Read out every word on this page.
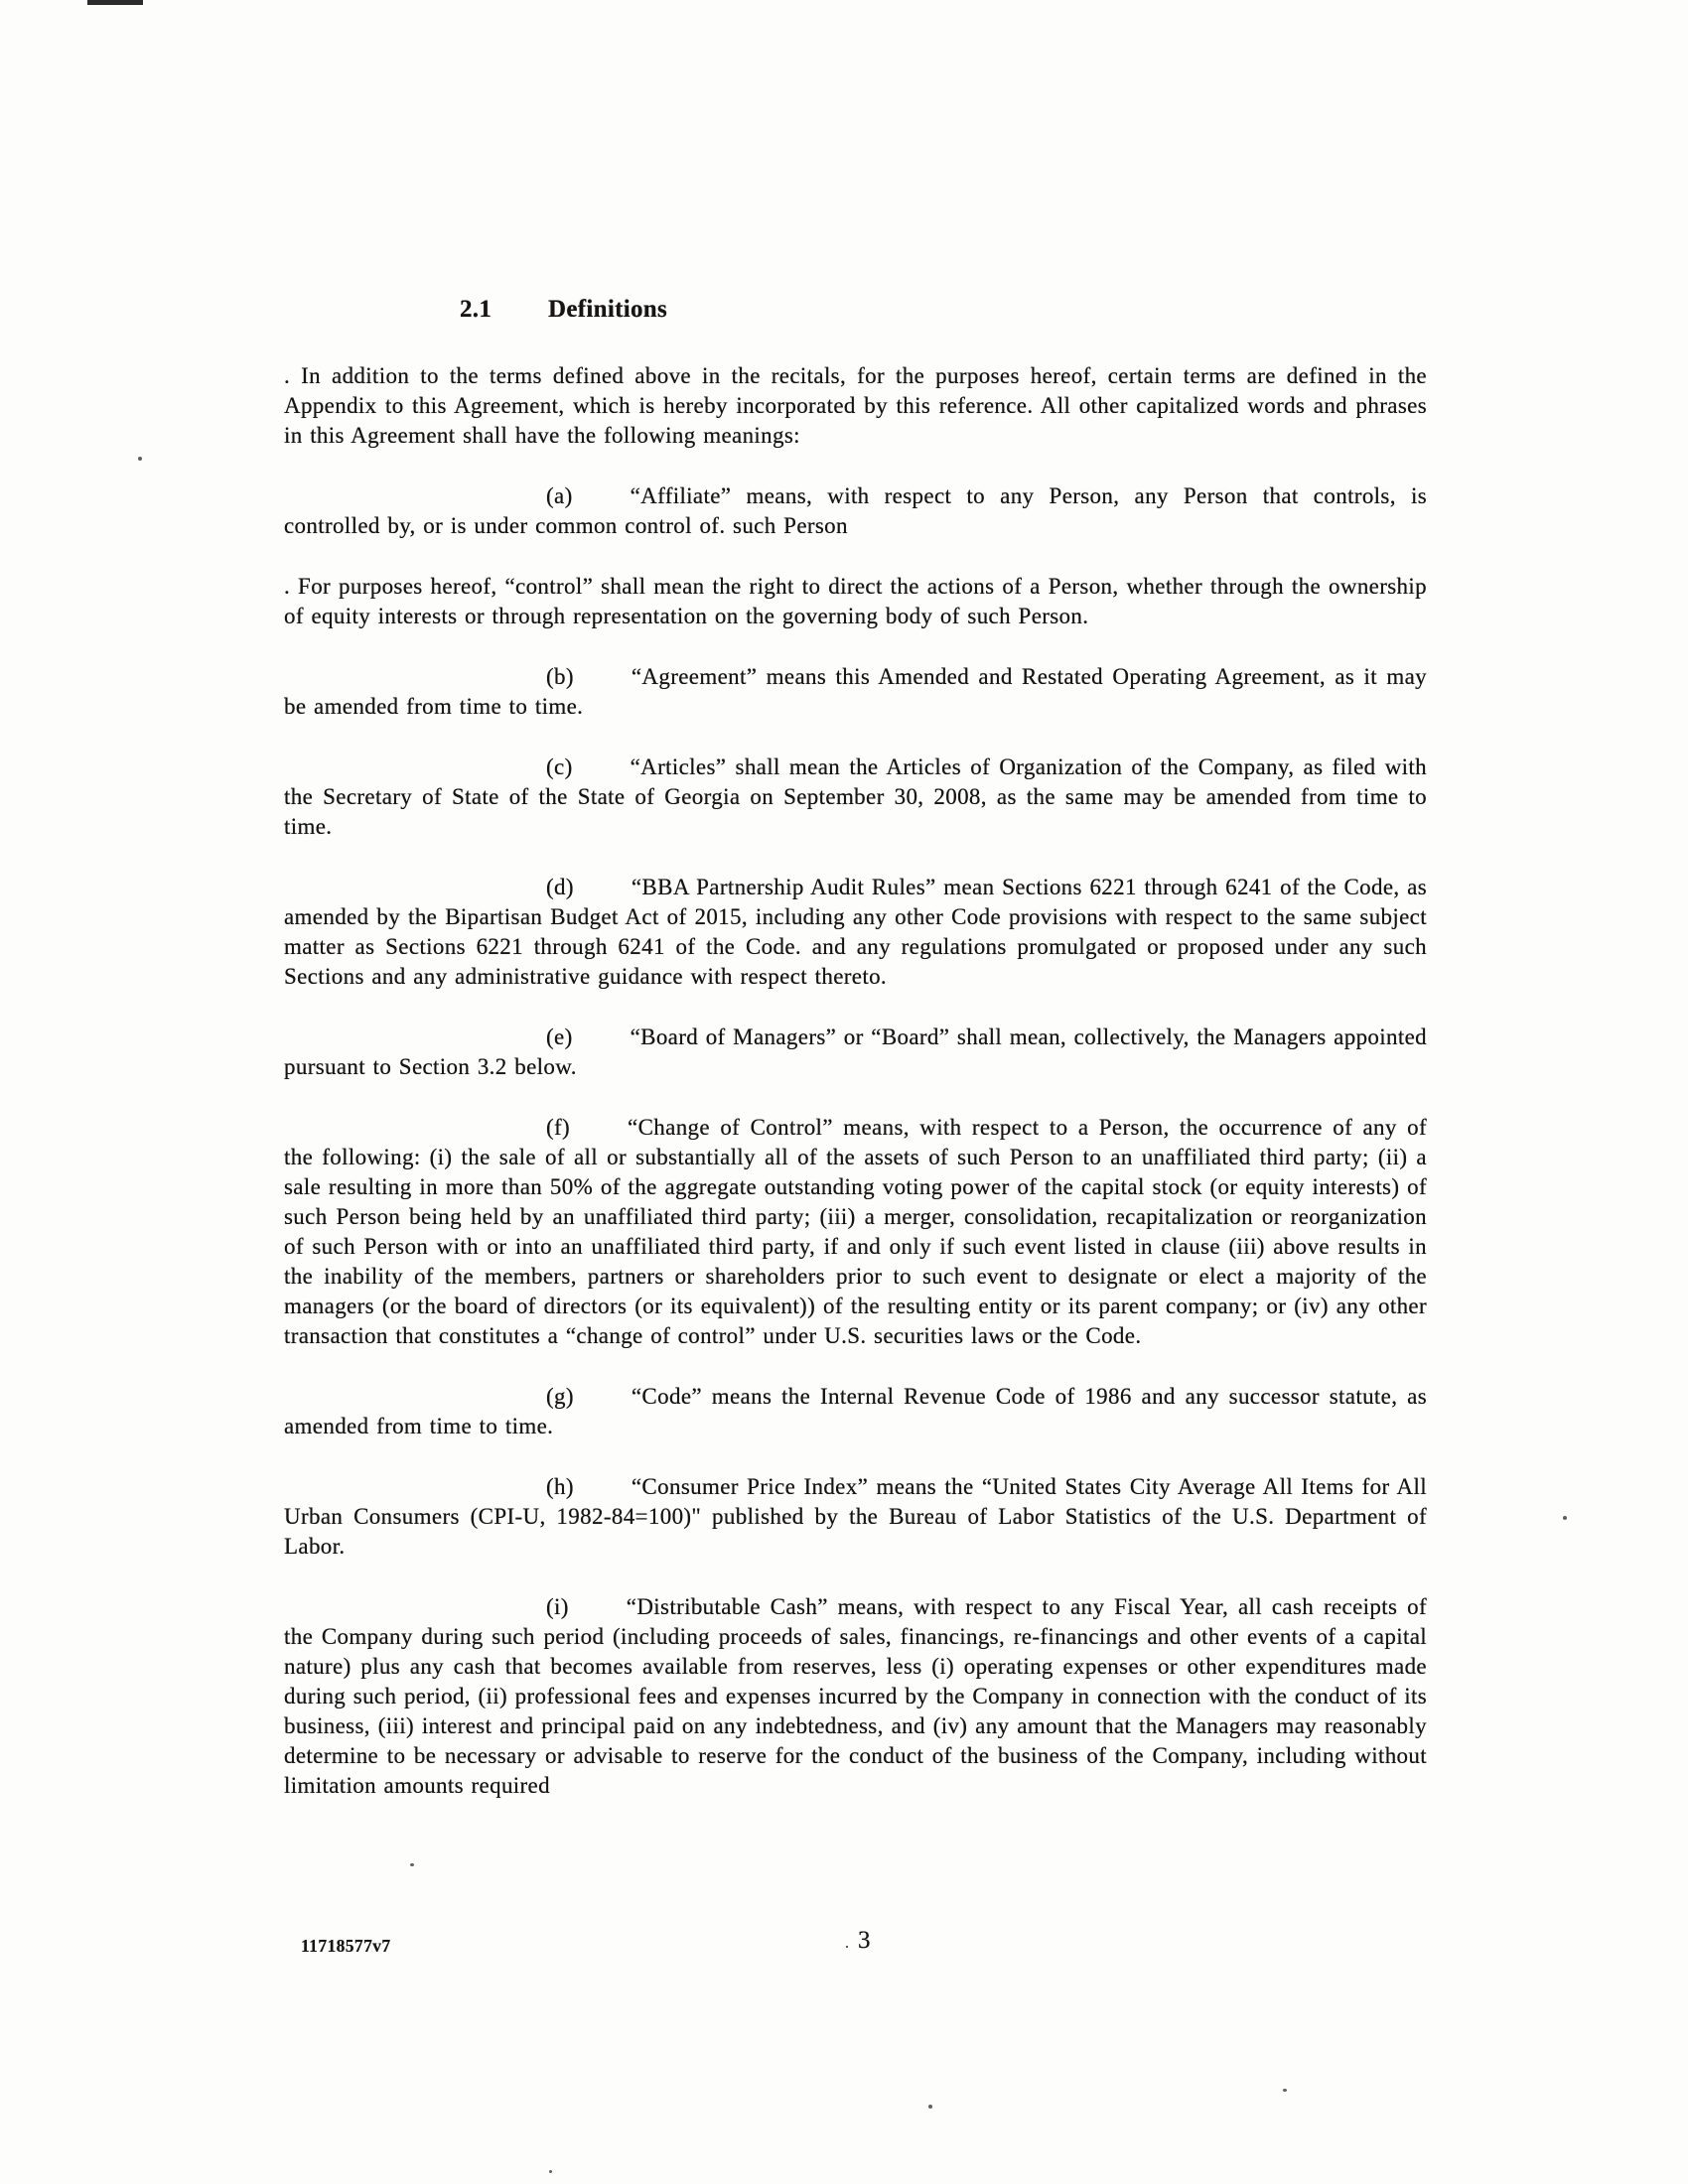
2.1 Definitions

. In addition to the terms defined above in the recitals, for the purposes hereof, certain terms are defined in the Appendix to this Agreement, which is hereby incorporated by this reference. All other capitalized words and phrases in this Agreement shall have the following meanings:

(a)	“Affiliate” means, with respect to any Person, any Person that controls, is controlled by, or is under common control of. such Person

. For purposes hereof, “control” shall mean the right to direct the actions of a Person, whether through the ownership of equity interests or through representation on the governing body of such Person.

(b)	“Agreement” means this Amended and Restated Operating Agreement, as it may be amended from time to time.

(c)	“Articles” shall mean the Articles of Organization of the Company, as filed with the Secretary of State of the State of Georgia on September 30, 2008, as the same may be amended from time to time.

(d)	“BBA Partnership Audit Rules” mean Sections 6221 through 6241 of the Code, as amended by the Bipartisan Budget Act of 2015, including any other Code provisions with respect to the same subject matter as Sections 6221 through 6241 of the Code. and any regulations promulgated or proposed under any such Sections and any administrative guidance with respect thereto.

(e)	“Board of Managers” or “Board” shall mean, collectively, the Managers appointed pursuant to Section 3.2 below.

(f)	“Change of Control” means, with respect to a Person, the occurrence of any of the following: (i) the sale of all or substantially all of the assets of such Person to an unaffiliated third party; (ii) a sale resulting in more than 50% of the aggregate outstanding voting power of the capital stock (or equity interests) of such Person being held by an unaffiliated third party; (iii) a merger, consolidation, recapitalization or reorganization of such Person with or into an unaffiliated third party, if and only if such event listed in clause (iii) above results in the inability of the members, partners or shareholders prior to such event to designate or elect a majority of the managers (or the board of directors (or its equivalent)) of the resulting entity or its parent company; or (iv) any other transaction that constitutes a “change of control” under U.S. securities laws or the Code.

(g)	“Code” means the Internal Revenue Code of 1986 and any successor statute, as amended from time to time.

(h)	“Consumer Price Index” means the “United States City Average All Items for All Urban Consumers (CPI-U, 1982-84=100)" published by the Bureau of Labor Statistics of the U.S. Department of Labor.

(i)	“Distributable Cash” means, with respect to any Fiscal Year, all cash receipts of the Company during such period (including proceeds of sales, financings, re-financings and other events of a capital nature) plus any cash that becomes available from reserves, less (i) operating expenses or other expenditures made during such period, (ii) professional fees and expenses incurred by the Company in connection with the conduct of its business, (iii) interest and principal paid on any indebtedness, and (iv) any amount that the Managers may reasonably determine to be necessary or advisable to reserve for the conduct of the business of the Company, including without limitation amounts required

11718577v7	. 3
